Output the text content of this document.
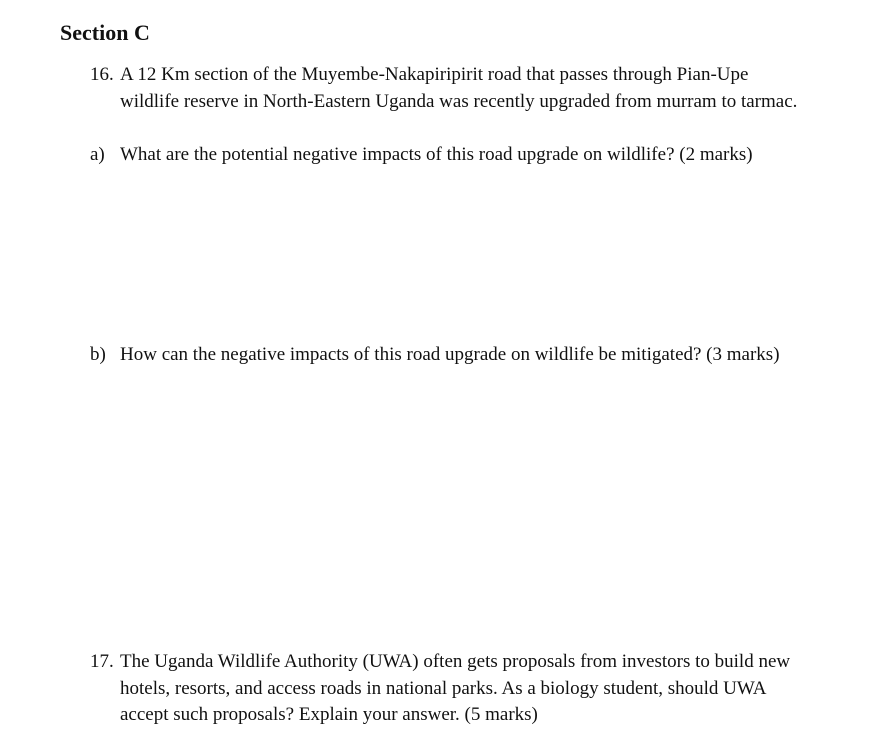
Section C
16. A 12 Km section of the Muyembe-Nakapiripirit road that passes through Pian-Upe wildlife reserve in North-Eastern Uganda was recently upgraded from murram to tarmac.
a) What are the potential negative impacts of this road upgrade on wildlife? (2 marks)
b) How can the negative impacts of this road upgrade on wildlife be mitigated? (3 marks)
17. The Uganda Wildlife Authority (UWA) often gets proposals from investors to build new hotels, resorts, and access roads in national parks. As a biology student, should UWA accept such proposals? Explain your answer. (5 marks)
